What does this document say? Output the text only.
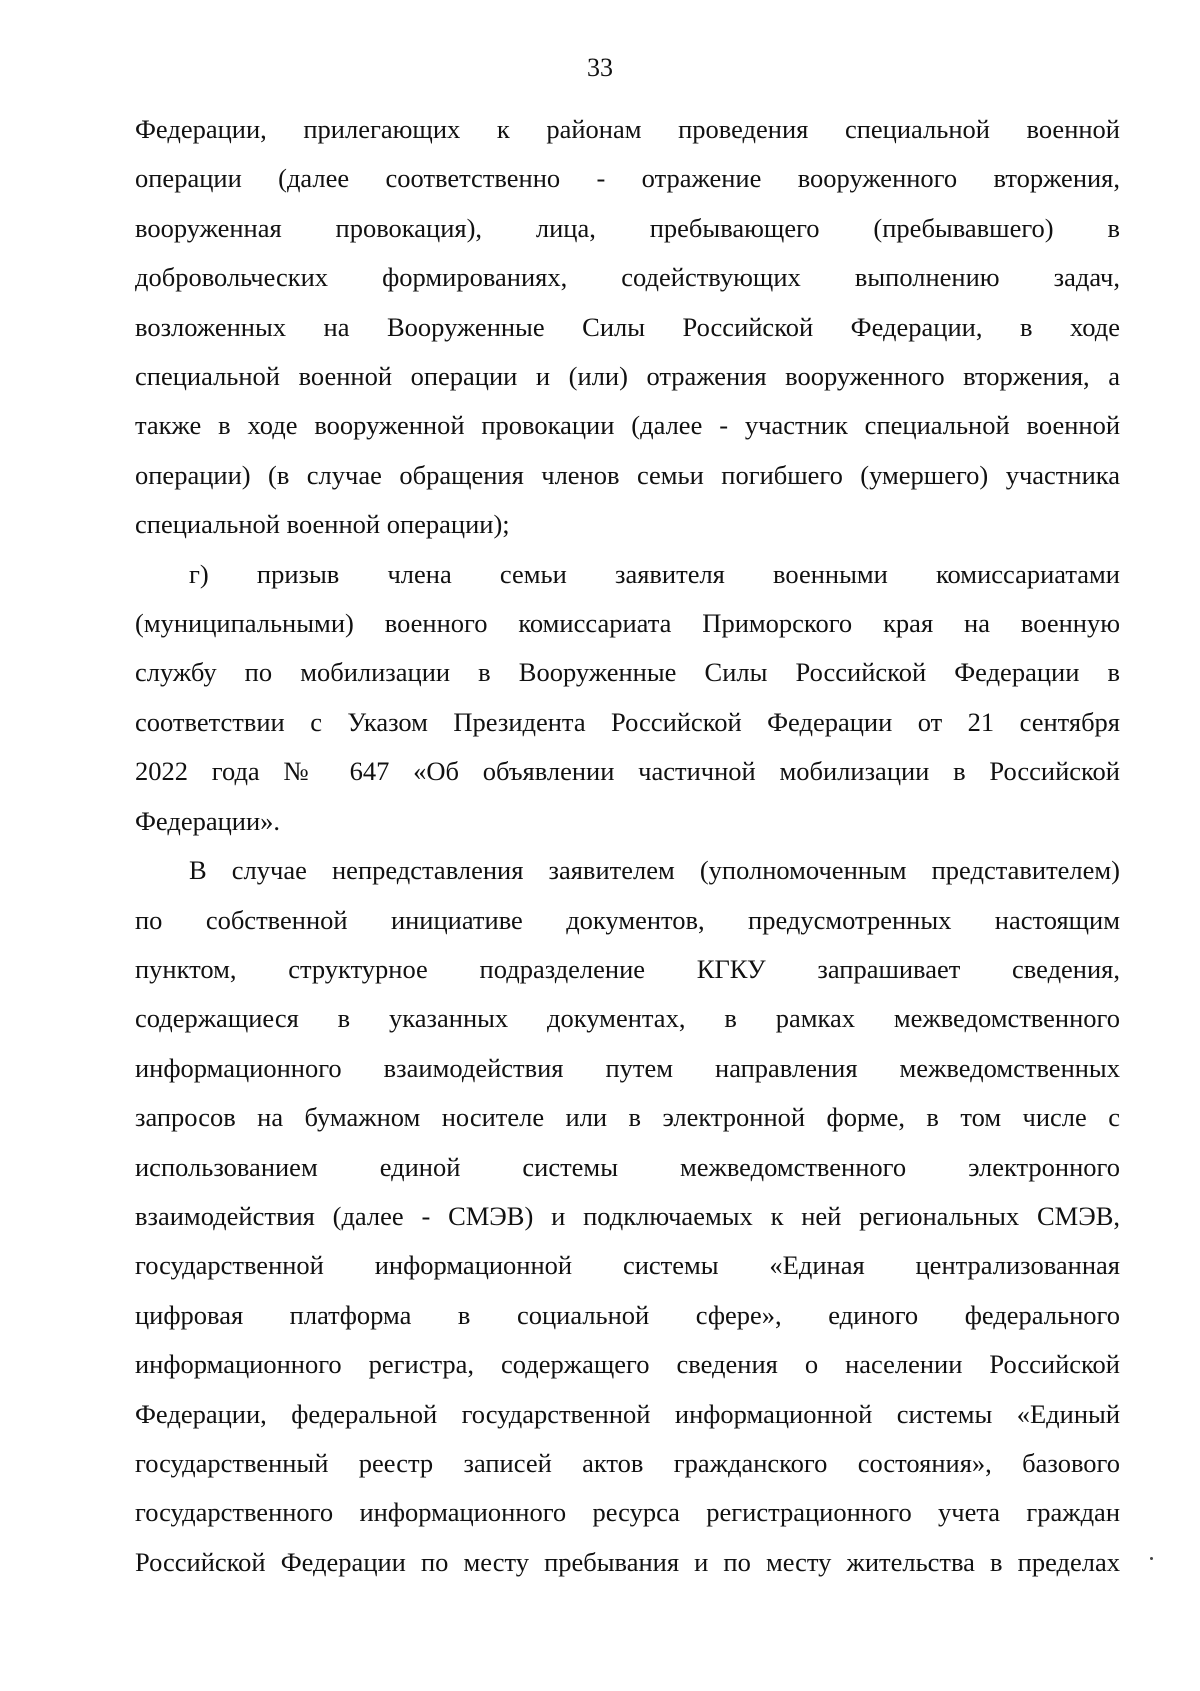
33
Федерации, прилегающих к районам проведения специальной военной
операции (далее соответственно - отражение вооруженного вторжения,
вооруженная провокация), лица, пребывающего (пребывавшего) в
добровольческих формированиях, содействующих выполнению задач,
возложенных на Вооруженные Силы Российской Федерации, в ходе
специальной военной операции и (или) отражения вооруженного вторжения, а
также в ходе вооруженной провокации (далее - участник специальной военной
операции) (в случае обращения членов семьи погибшего (умершего) участника
специальной военной операции);
г) призыв члена семьи заявителя военными комиссариатами
(муниципальными) военного комиссариата Приморского края на военную
службу по мобилизации в Вооруженные Силы Российской Федерации в
соответствии с Указом Президента Российской Федерации от 21 сентября
2022 года № 647 «Об объявлении частичной мобилизации в Российской
Федерации».
В случае непредставления заявителем (уполномоченным представителем)
по собственной инициативе документов, предусмотренных настоящим
пунктом, структурное подразделение КГКУ запрашивает сведения,
содержащиеся в указанных документах, в рамках межведомственного
информационного взаимодействия путем направления межведомственных
запросов на бумажном носителе или в электронной форме, в том числе с
использованием единой системы межведомственного электронного
взаимодействия (далее - СМЭВ) и подключаемых к ней региональных СМЭВ,
государственной информационной системы «Единая централизованная
цифровая платформа в социальной сфере», единого федерального
информационного регистра, содержащего сведения о населении Российской
Федерации, федеральной государственной информационной системы «Единый
государственный реестр записей актов гражданского состояния», базового
государственного информационного ресурса регистрационного учета граждан
Российской Федерации по месту пребывания и по месту жительства в пределах
